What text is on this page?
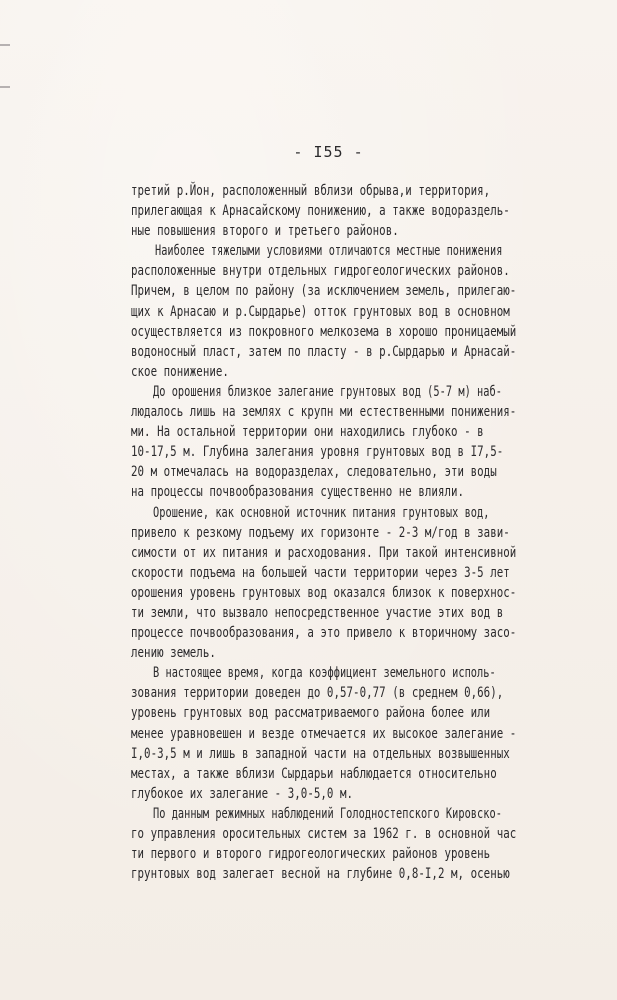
- I55 -
третий р.Йон, расположенный вблизи обрыва,и территория,
прилегающая к Арнасайскому понижению, а также водораздель-
ные повышения второго и третьего районов.
Наиболее тяжелыми условиями отличаются местные понижения
расположенные внутри отдельных гидрогеологических районов.
Причем, в целом по району (за исключением земель, прилегаю-
щих к Арнасаю и р.Сырдарье) отток грунтовых вод в основном
осуществляется из покровного мелкозема в хорошо проницаемый
водоносный пласт, затем по пласту - в р.Сырдарью и Арнасай-
ское понижение.
До орошения близкое залегание грунтовых вод (5-7 м) наб-
людалось лишь на землях с крупн ми естественными понижения-
ми. На остальной территории они находились глубоко - в
10-17,5 м. Глубина залегания уровня грунтовых вод в I7,5-
20 м отмечалась на водоразделах, следовательно, эти воды
на процессы почвообразования существенно не влияли.
Орошение, как основной источник питания грунтовых вод,
привело к резкому подъему их горизонте - 2-3 м/год в зави-
симости от их питания и расходования. При такой интенсивной
скорости подъема на большей части территории через 3-5 лет
орошения уровень грунтовых вод оказался близок к поверхнос-
ти земли, что вызвало непосредственное участие этих вод в
процессе почвообразования, а это привело к вторичному засо-
лению земель.
В настоящее время, когда коэффициент земельного исполь-
зования территории доведен до 0,57-0,77 (в среднем 0,66),
уровень грунтовых вод рассматриваемого района более или
менее уравновешен и везде отмечается их высокое залегание -
I,0-3,5 м и лишь в западной части на отдельных возвышенных
местах, а также вблизи Сырдарьи наблюдается относительно
глубокое их залегание - 3,0-5,0 м.
По данным режимных наблюдений Голодностепского Кировско-
го управления оросительных систем за 1962 г. в основной час
ти первого и второго гидрогеологических районов уровень
грунтовых вод залегает весной на глубине 0,8-I,2 м, осенью
